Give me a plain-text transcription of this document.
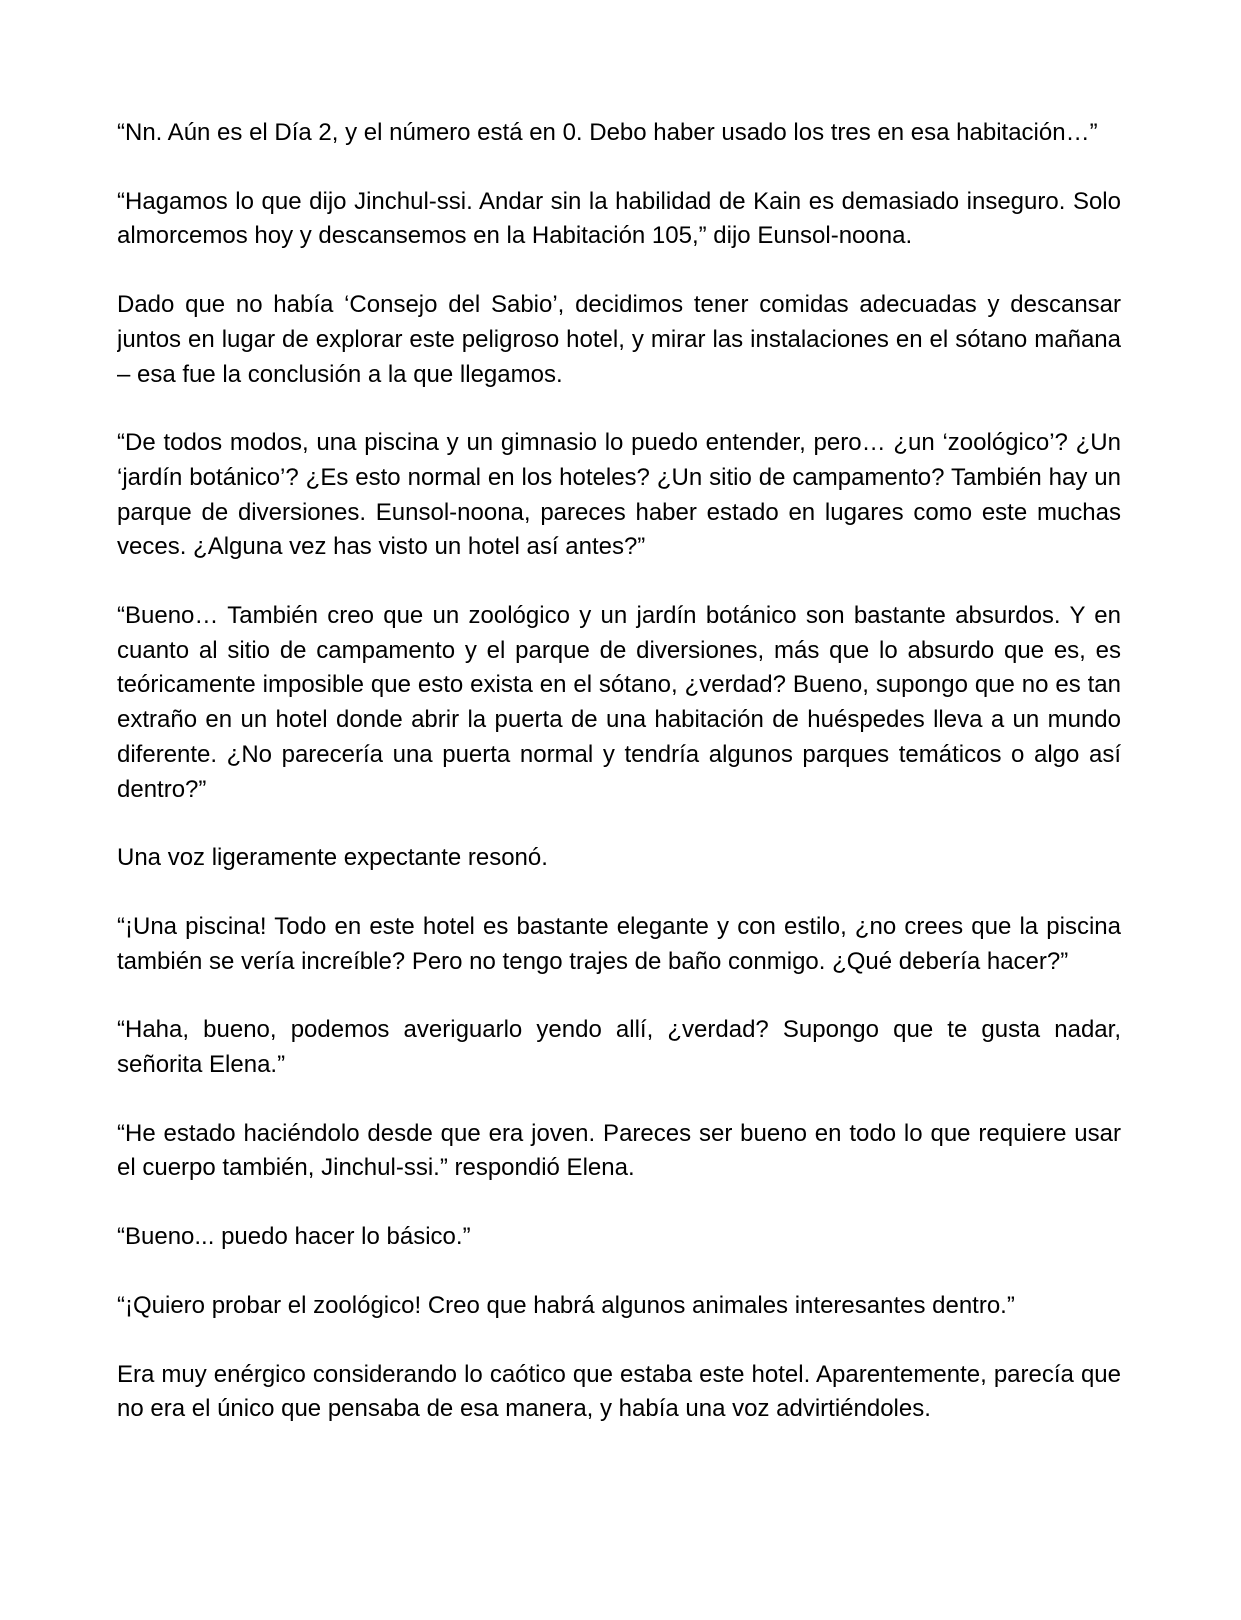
“Nn. Aún es el Día 2, y el número está en 0. Debo haber usado los tres en esa habitación…”

“Hagamos lo que dijo Jinchul-ssi. Andar sin la habilidad de Kain es demasiado inseguro. Solo almorcemos hoy y descansemos en la Habitación 105,” dijo Eunsol-noona.

Dado que no había ‘Consejo del Sabio’, decidimos tener comidas adecuadas y descansar juntos en lugar de explorar este peligroso hotel, y mirar las instalaciones en el sótano mañana – esa fue la conclusión a la que llegamos.

“De todos modos, una piscina y un gimnasio lo puedo entender, pero… ¿un ‘zoológico’? ¿Un ‘jardín botánico’? ¿Es esto normal en los hoteles? ¿Un sitio de campamento? También hay un parque de diversiones. Eunsol-noona, pareces haber estado en lugares como este muchas veces. ¿Alguna vez has visto un hotel así antes?”

“Bueno… También creo que un zoológico y un jardín botánico son bastante absurdos. Y en cuanto al sitio de campamento y el parque de diversiones, más que lo absurdo que es, es teóricamente imposible que esto exista en el sótano, ¿verdad? Bueno, supongo que no es tan extraño en un hotel donde abrir la puerta de una habitación de huéspedes lleva a un mundo diferente. ¿No parecería una puerta normal y tendría algunos parques temáticos o algo así dentro?”

Una voz ligeramente expectante resonó.

“¡Una piscina! Todo en este hotel es bastante elegante y con estilo, ¿no crees que la piscina también se vería increíble? Pero no tengo trajes de baño conmigo. ¿Qué debería hacer?”

“Haha, bueno, podemos averiguarlo yendo allí, ¿verdad? Supongo que te gusta nadar, señorita Elena.”

“He estado haciéndolo desde que era joven. Pareces ser bueno en todo lo que requiere usar el cuerpo también, Jinchul-ssi.” respondió Elena.

“Bueno... puedo hacer lo básico.”

“¡Quiero probar el zoológico! Creo que habrá algunos animales interesantes dentro.”

Era muy enérgico considerando lo caótico que estaba este hotel. Aparentemente, parecía que no era el único que pensaba de esa manera, y había una voz advirtiéndoles.
